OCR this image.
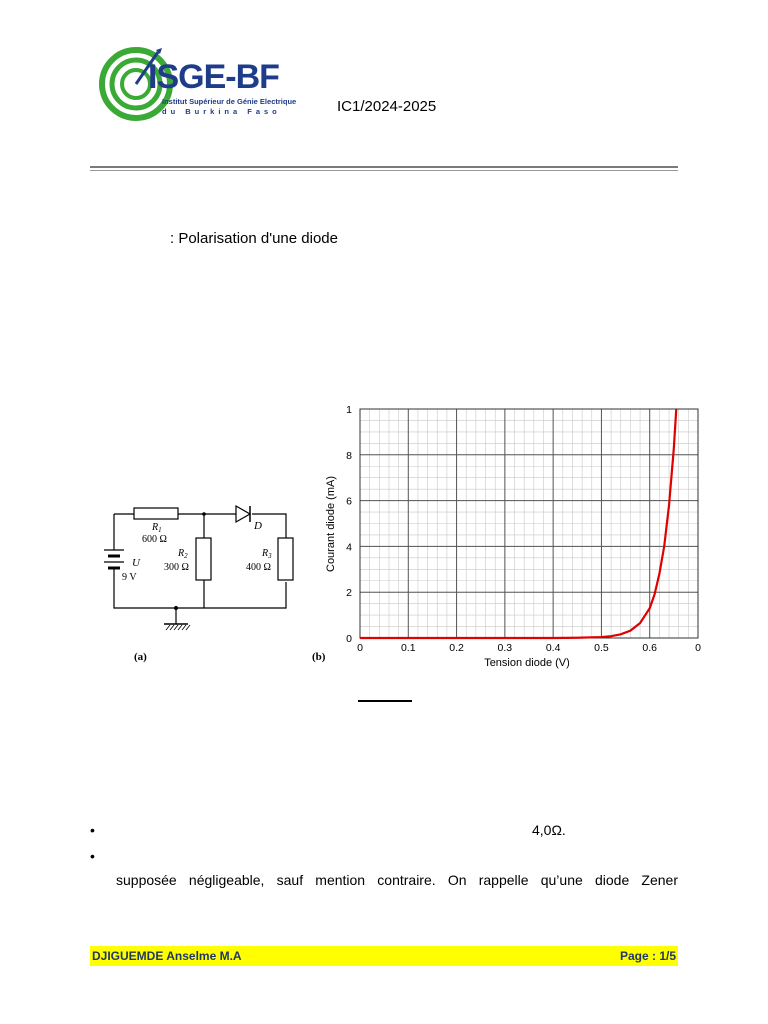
ISGE-BF
Institut Supérieur de Génie Electrique
du Burkina Faso	IC1/2024-2025
: Polarisation d'une diode
$R_1$
600 Ω
$R_2$
300 Ω
$R_3$
400 Ω
U
9 V
D
(a)
0	0.1	0.2	0.3	0.4	0.5	0.6	0
0
2
4
6
8
1
Tension diode (V)
Courant diode (mA)
(b)
•	4,0Ω.
•
supposée négligeable, sauf mention contraire. On rappelle qu’une diode Zener
DJIGUEMDE Anselme M.A	Page : 1/5
